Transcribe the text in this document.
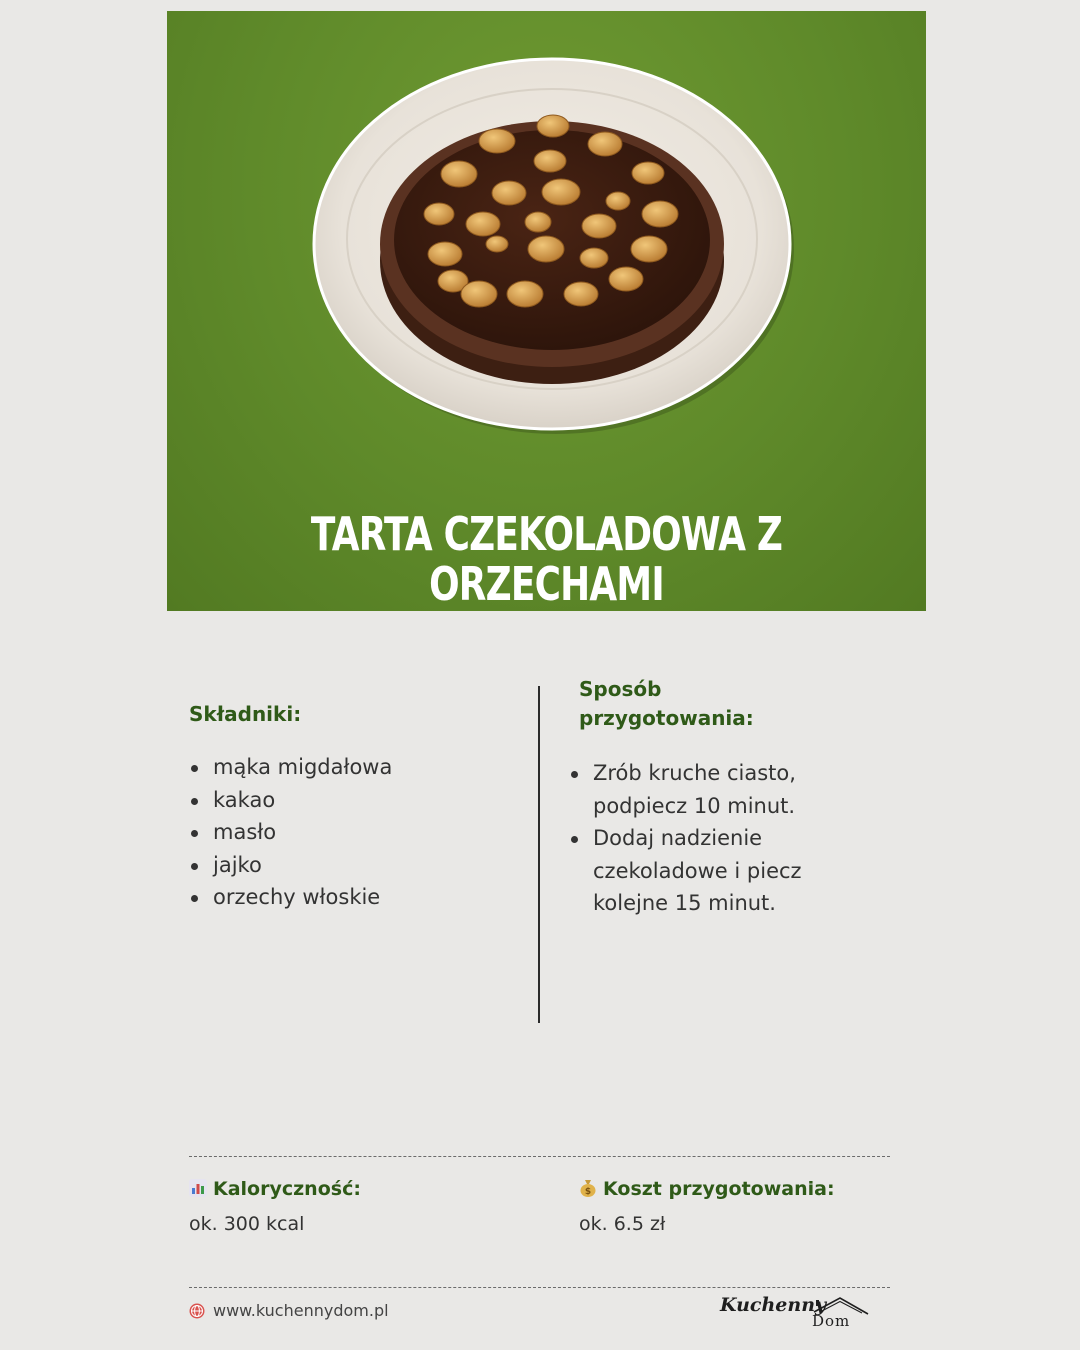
TARTA CZEKOLADOWA Z
ORZECHAMI
Składniki:
mąka migdałowa
kakao
masło
jajko
orzechy włoskie
Sposób
przygotowania:
Zrób kruche ciasto,
podpiecz 10 minut.
Dodaj nadzienie
czekoladowe i piecz
kolejne 15 minut.
Kaloryczność:
ok. 300 kcal
$ Koszt przygotowania:
ok. 6.5 zł
www.kuchennydom.pl	Kuchenny
Dom
